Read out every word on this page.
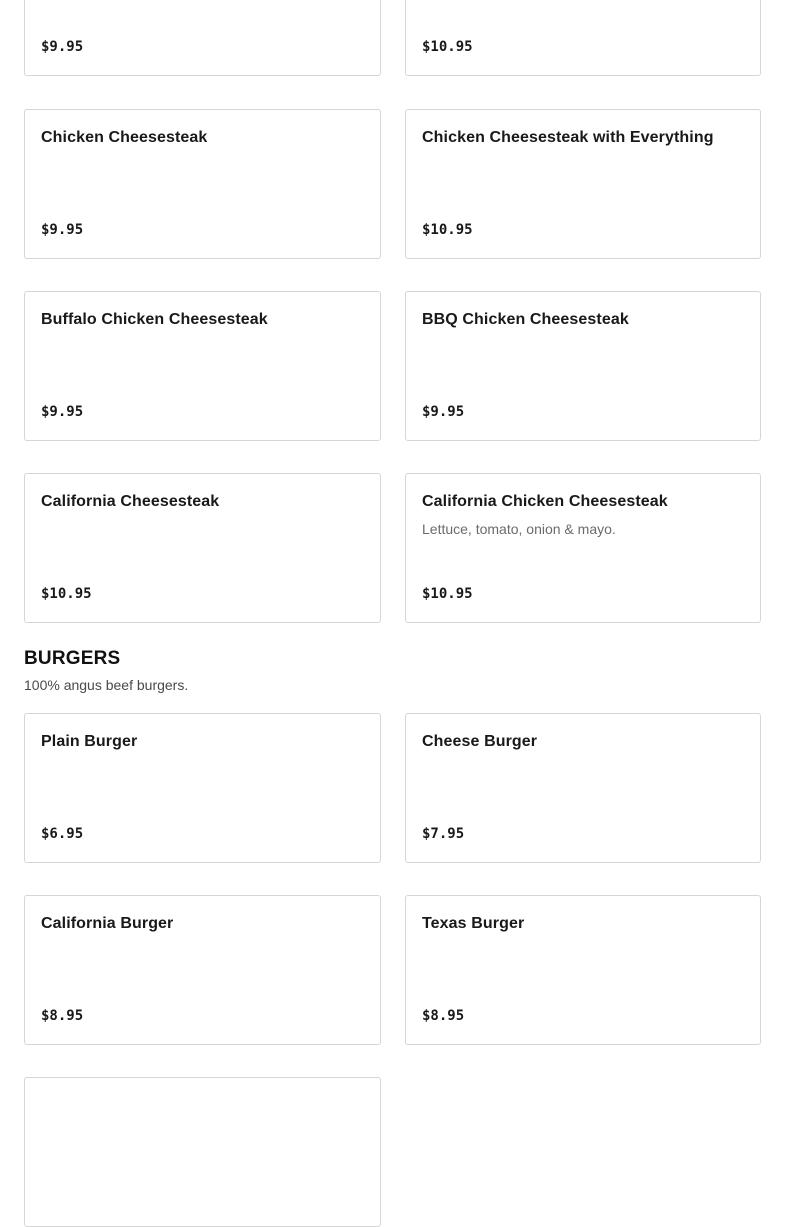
$9.95	$10.95
Chicken Cheesesteak
$9.95
Chicken Cheesesteak with Everything
$10.95
Buffalo Chicken Cheesesteak
$9.95
BBQ Chicken Cheesesteak
$9.95
California Cheesesteak
$10.95
California Chicken Cheesesteak
Lettuce, tomato, onion & mayo.
$10.95
BURGERS

100% angus beef burgers.

Plain Burger
$6.95
Cheese Burger
$7.95
California Burger
$8.95
Texas Burger
$8.95
